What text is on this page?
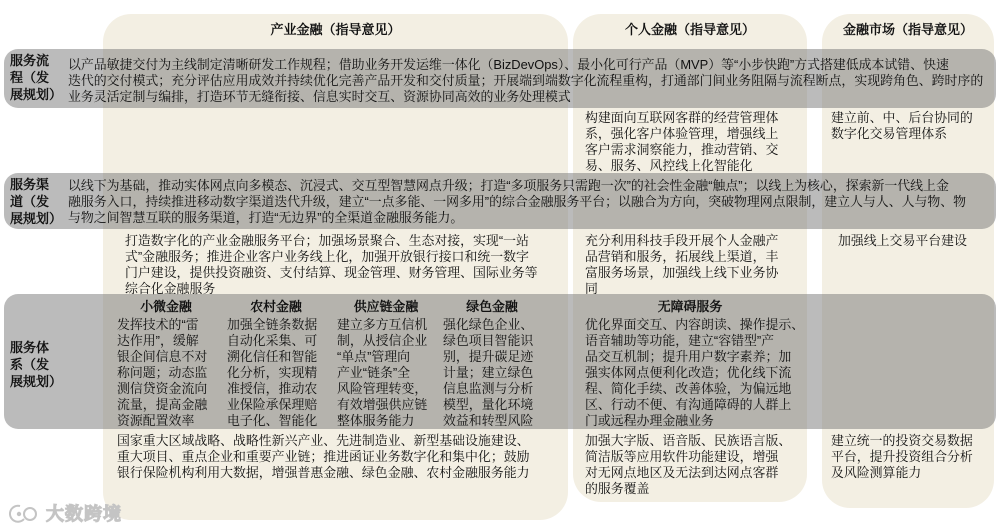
产业金融（指导意见）	个人金融（指导意见）	金融市场（指导意见）
服务流
程（发
展规划）
以产品敏捷交付为主线制定清晰研发工作规程；借助业务开发运维一体化（BizDevOps）、最小化可行产品（MVP）等“小步快跑”方式搭建低成本试错、快速
迭代的交付模式；充分评估应用成效并持续优化完善产品开发和交付质量；开展端到端数字化流程重构，打通部门间业务阻隔与流程断点，实现跨角色、跨时序的
业务灵活定制与编排，打造环节无缝衔接、信息实时交互、资源协同高效的业务处理模式
构建面向互联网客群的经营管理体
系，强化客户体验管理，增强线上
客户需求洞察能力，推动营销、交
易、服务、风控线上化智能化
建立前、中、后台协同的
数字化交易管理体系
服务渠
道（发
展规划）
以线下为基础，推动实体网点向多模态、沉浸式、交互型智慧网点升级；打造“多项服务只需跑一次”的社会性金融“触点”；以线上为核心，探索新一代线上金
融服务入口，持续推进移动数字渠道迭代升级，建立“一点多能、一网多用”的综合金融服务平台；以融合为方向，突破物理网点限制，建立人与人、人与物、物
与物之间智慧互联的服务渠道，打造“无边界”的全渠道金融服务能力。
打造数字化的产业金融服务平台；加强场景聚合、生态对接，实现“一站
式”金融服务；推进企业客户业务线上化，加强开放银行接口和统一数字
门户建设，提供投资融资、支付结算、现金管理、财务管理、国际业务等
综合化金融服务
充分利用科技手段开展个人金融产
品营销和服务，拓展线上渠道，丰
富服务场景，加强线上线下业务协
同
加强线上交易平台建设
服务体
系（发
展规划）
小微金融
发挥技术的“雷
达作用”，缓解
银企间信息不对
称问题；动态监
测信贷资金流向
流量，提高金融
资源配置效率
农村金融
加强全链条数据
自动化采集、可
溯化信任和智能
化分析，实现精
准授信，推动农
业保险承保理赔
电子化、智能化
供应链金融
建立多方互信机
制，从授信企业
“单点”管理向
产业“链条”全
风险管理转变，
有效增强供应链
整体服务能力
绿色金融
强化绿色企业、
绿色项目智能识
别，提升碳足迹
计量；建立绿色
信息监测与分析
模型，量化环境
效益和转型风险
无障碍服务
优化界面交互、内容朗读、操作提示、
语音辅助等功能，建立“容错型”产
品交互机制；提升用户数字素养；加
强实体网点便利化改造；优化线下流
程、简化手续、改善体验，为偏远地
区、行动不便、有沟通障碍的人群上
门或远程办理金融业务
国家重大区域战略、战略性新兴产业、先进制造业、新型基础设施建设、
重大项目、重点企业和重要产业链；推进函证业务数字化和集中化；鼓励
银行保险机构利用大数据，增强普惠金融、绿色金融、农村金融服务能力
加强大字版、语音版、民族语言版、
简洁版等应用软件功能建设，增强
对无网点地区及无法到达网点客群
的服务覆盖
建立统一的投资交易数据
平台，提升投资组合分析
及风险测算能力
大数跨境
